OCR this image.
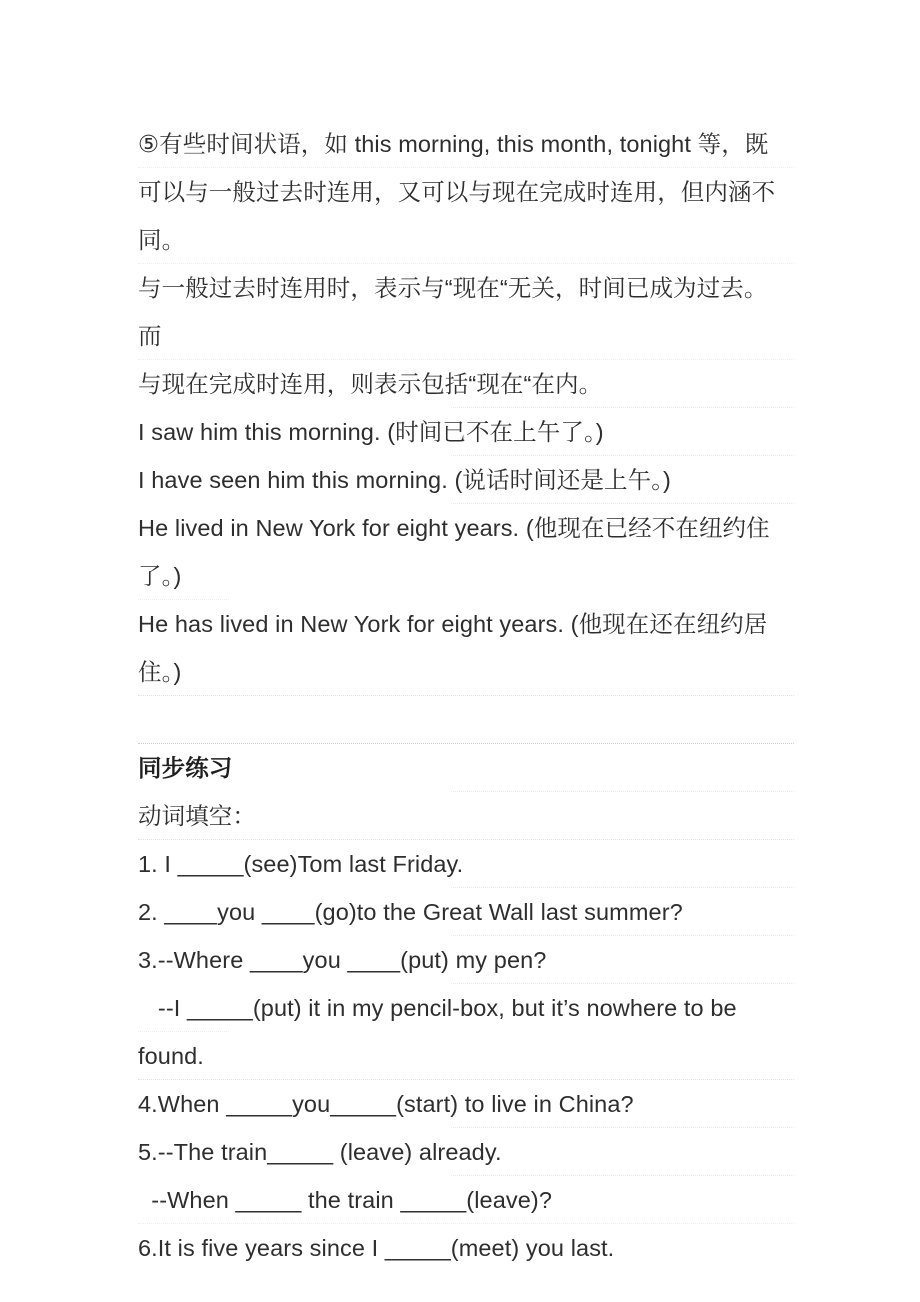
⑤有些时间状语，如 this morning, this month, tonight 等，既
可以与一般过去时连用，又可以与现在完成时连用，但内涵不同。
与一般过去时连用时，表示与“现在“无关，时间已成为过去。而
与现在完成时连用，则表示包括“现在“在内。
I saw him this morning. (时间已不在上午了。)
I have seen him this morning. (说话时间还是上午。)
He lived in New York for eight years. (他现在已经不在纽约住
了。)
He has lived in New York for eight years. (他现在还在纽约居
住。)
同步练习
动词填空：
1. I _____(see)Tom last Friday.
2. ____you ____(go)to the Great Wall last summer?
3.--Where ____you ____(put) my pen?
--I _____(put) it in my pencil-box, but it’s nowhere to be
found.
4.When _____you_____(start) to live in China?
5.--The train_____ (leave) already.
--When _____ the train _____(leave)?
6.It is five years since I _____(meet) you last.
